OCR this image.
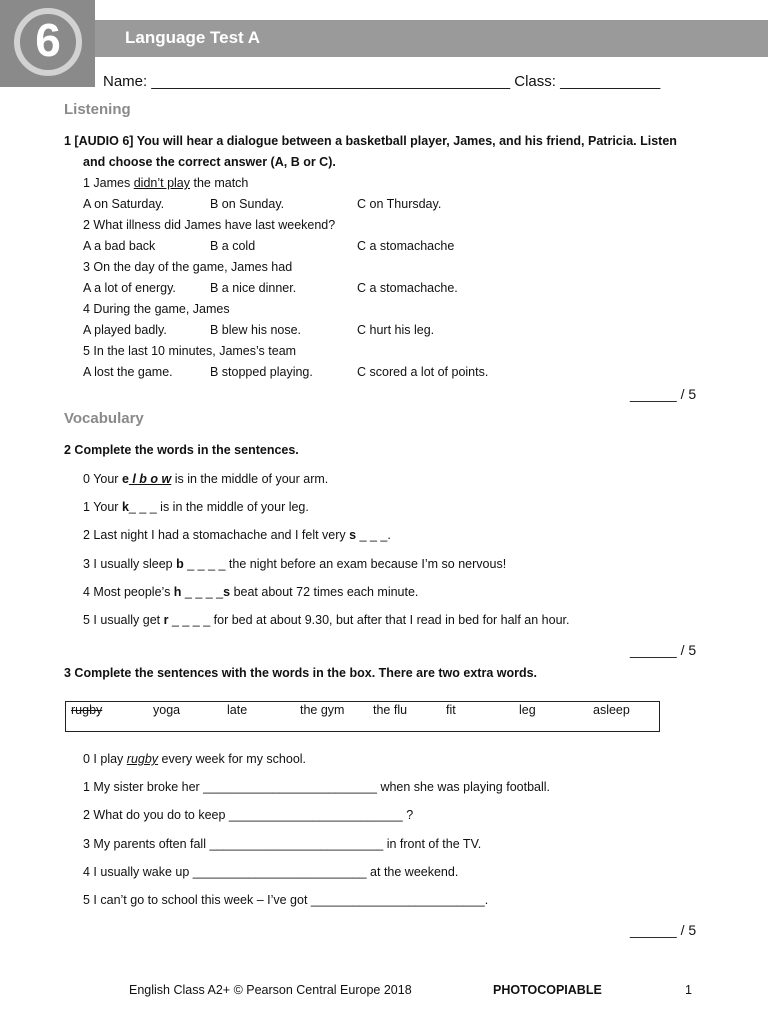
6	Language Test A
Name: ___________________________________________ Class: ____________
Listening
1 [AUDIO 6] You will hear a dialogue between a basketball player, James, and his friend, Patricia. Listen
and choose the correct answer (A, B or C).
1 James didn’t play the match
A on Saturday.	B on Sunday.	C on Thursday.
2 What illness did James have last weekend?
A a bad back	B a cold	C a stomachache
3 On the day of the game, James had
A a lot of energy.	B a nice dinner.	C a stomachache.
4 During the game, James
A played badly.	B blew his nose.	C hurt his leg.
5 In the last 10 minutes, James’s team
A lost the game.	B stopped playing.	C scored a lot of points.
______ / 5
Vocabulary
2 Complete the words in the sentences.
0 Your e l b o w is in the middle of your arm.
1 Your k_ _ _ is in the middle of your leg.
2 Last night I had a stomachache and I felt very s _ _ _.
3 I usually sleep b _ _ _ _ the night before an exam because I’m so nervous!
4 Most people’s h _ _ _ _s beat about 72 times each minute.
5 I usually get r _ _ _ _ for bed at about 9.30, but after that I read in bed for half an hour.
______ / 5
3 Complete the sentences with the words in the box. There are two extra words.
rugby	yoga	late	the gym the flu	fit	leg	asleep
0 I play rugby every week for my school.
1 My sister broke her _________________________ when she was playing football.
2 What do you do to keep _________________________ ?
3 My parents often fall _________________________ in front of the TV.
4 I usually wake up _________________________ at the weekend.
5 I can’t go to school this week – I’ve got _________________________.
______ / 5
English Class A2+ © Pearson Central Europe 2018	PHOTOCOPIABLE	1
